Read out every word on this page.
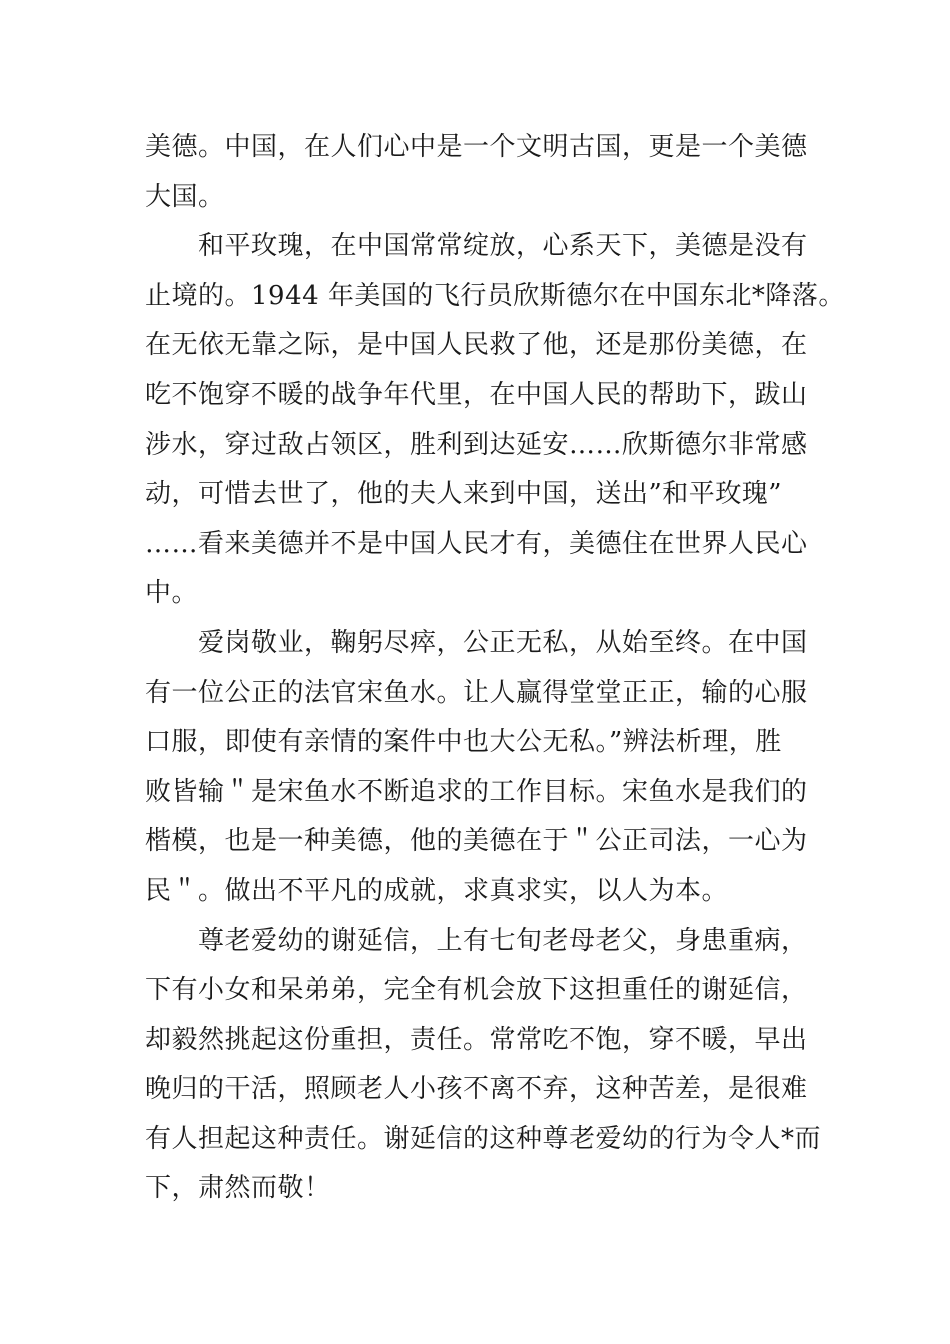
美德。中国，在人们心中是一个文明古国，更是一个美德
大国。
和平玫瑰，在中国常常绽放，心系天下，美德是没有
止境的。1944 年美国的飞行员欣斯德尔在中国东北*降落。
在无依无靠之际，是中国人民救了他，还是那份美德，在
吃不饱穿不暖的战争年代里，在中国人民的帮助下，跋山
涉水，穿过敌占领区，胜利到达延安……欣斯德尔非常感
动，可惜去世了，他的夫人来到中国，送出”和平玫瑰”
……看来美德并不是中国人民才有，美德住在世界人民心
中。
爱岗敬业，鞠躬尽瘁，公正无私，从始至终。在中国
有一位公正的法官宋鱼水。让人赢得堂堂正正，输的心服
口服，即使有亲情的案件中也大公无私。”辨法析理，胜
败皆输＂是宋鱼水不断追求的工作目标。宋鱼水是我们的
楷模，也是一种美德，他的美德在于＂公正司法，一心为
民＂。做出不平凡的成就，求真求实，以人为本。
尊老爱幼的谢延信，上有七旬老母老父，身患重病，
下有小女和呆弟弟，完全有机会放下这担重任的谢延信，
却毅然挑起这份重担，责任。常常吃不饱，穿不暖，早出
晚归的干活，照顾老人小孩不离不弃，这种苦差，是很难
有人担起这种责任。谢延信的这种尊老爱幼的行为令人*而
下，肃然而敬！
